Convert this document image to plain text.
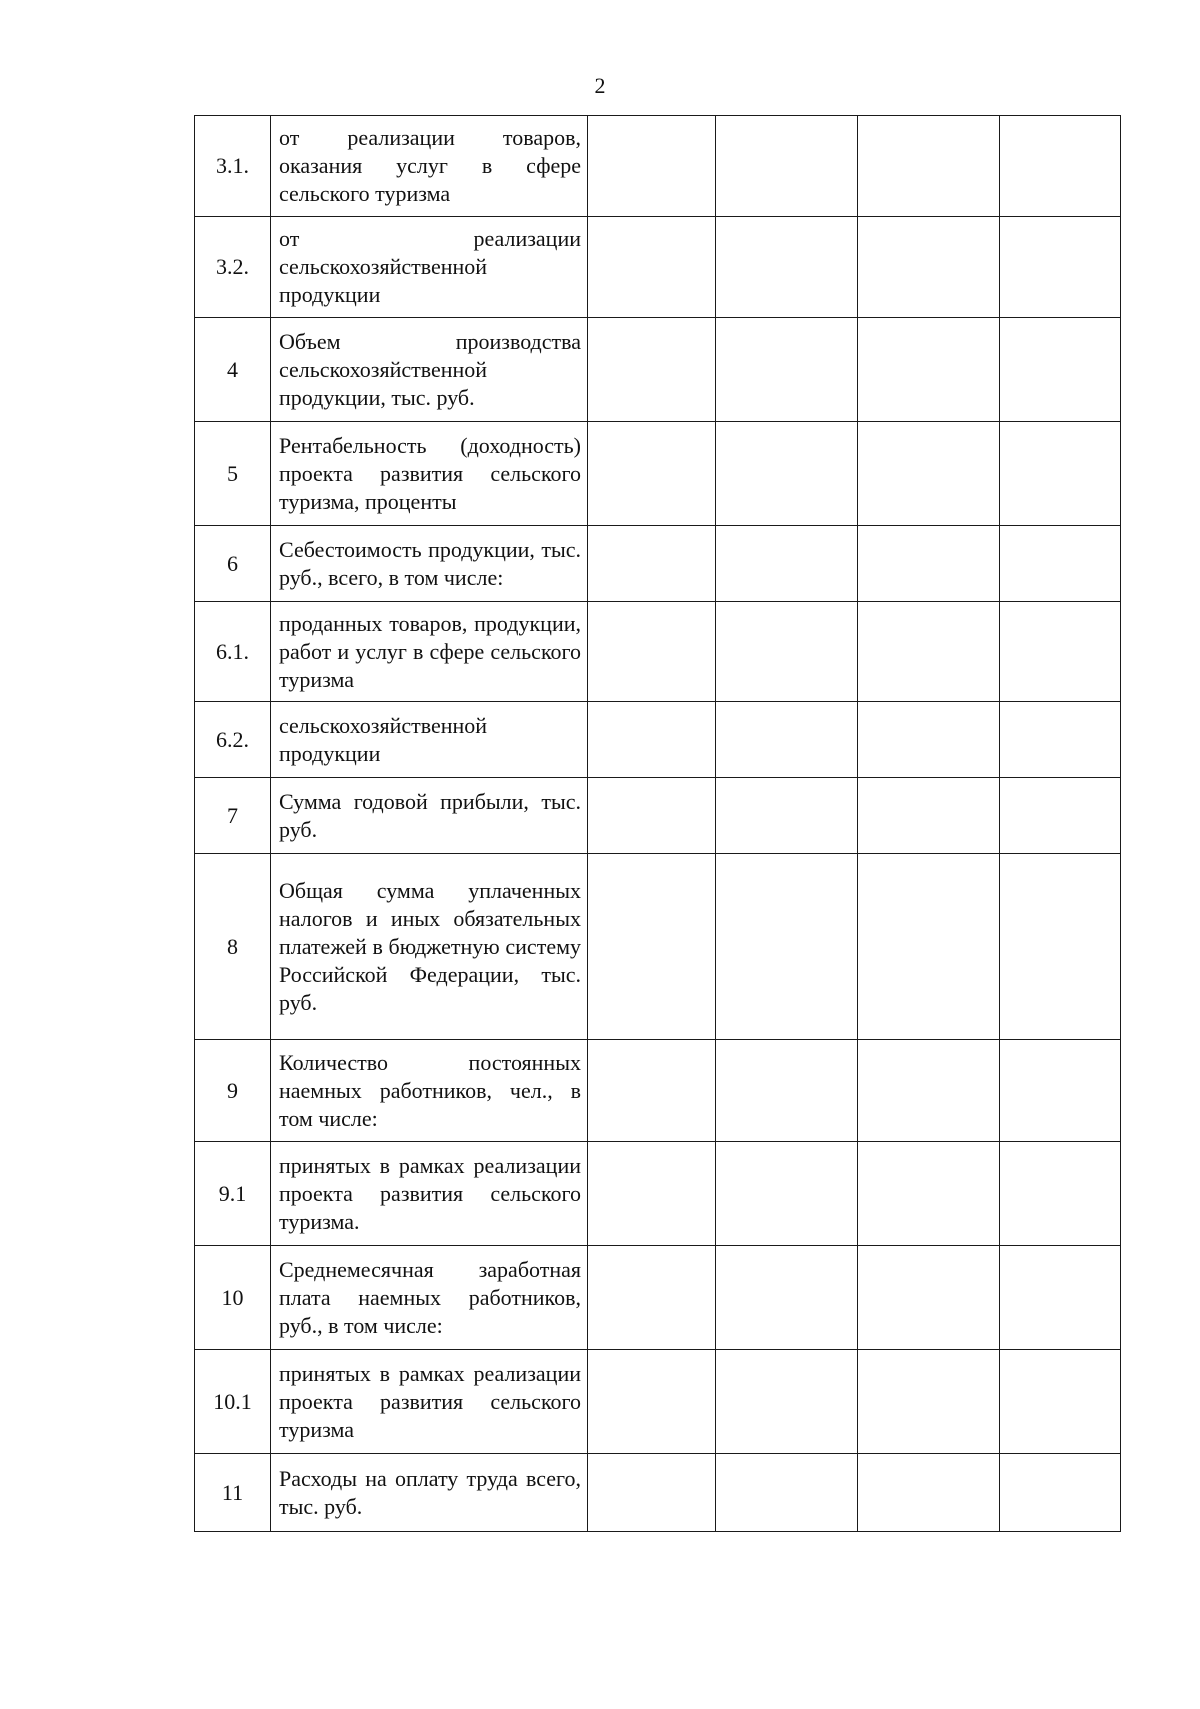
2
3.1.	от реализации товаров, оказания услуг в сфере сельского туризма				
3.2.	от реализации сельскохозяйственной продукции				
4	Объем производства сельскохозяйственной продукции, тыс. руб.				
5	Рентабельность (доходность) проекта развития сельского туризма, проценты				
6	Себестоимость продукции, тыс. руб., всего, в том числе:				
6.1.	проданных товаров, продукции, работ и услуг в сфере сельского туризма				
6.2.	сельскохозяйственной продукции				
7	Сумма годовой прибыли, тыс. руб.				
8	Общая сумма уплаченных налогов и иных обязательных платежей в бюджетную систему Российской Федерации, тыс. руб.				
9	Количество постоянных наемных работников, чел., в том числе:				
9.1	принятых в рамках реализации проекта развития сельского туризма.				
10	Среднемесячная заработная плата наемных работников, руб., в том числе:				
10.1	принятых в рамках реализации проекта развития сельского туризма				
11	Расходы на оплату труда всего, тыс. руб.				
